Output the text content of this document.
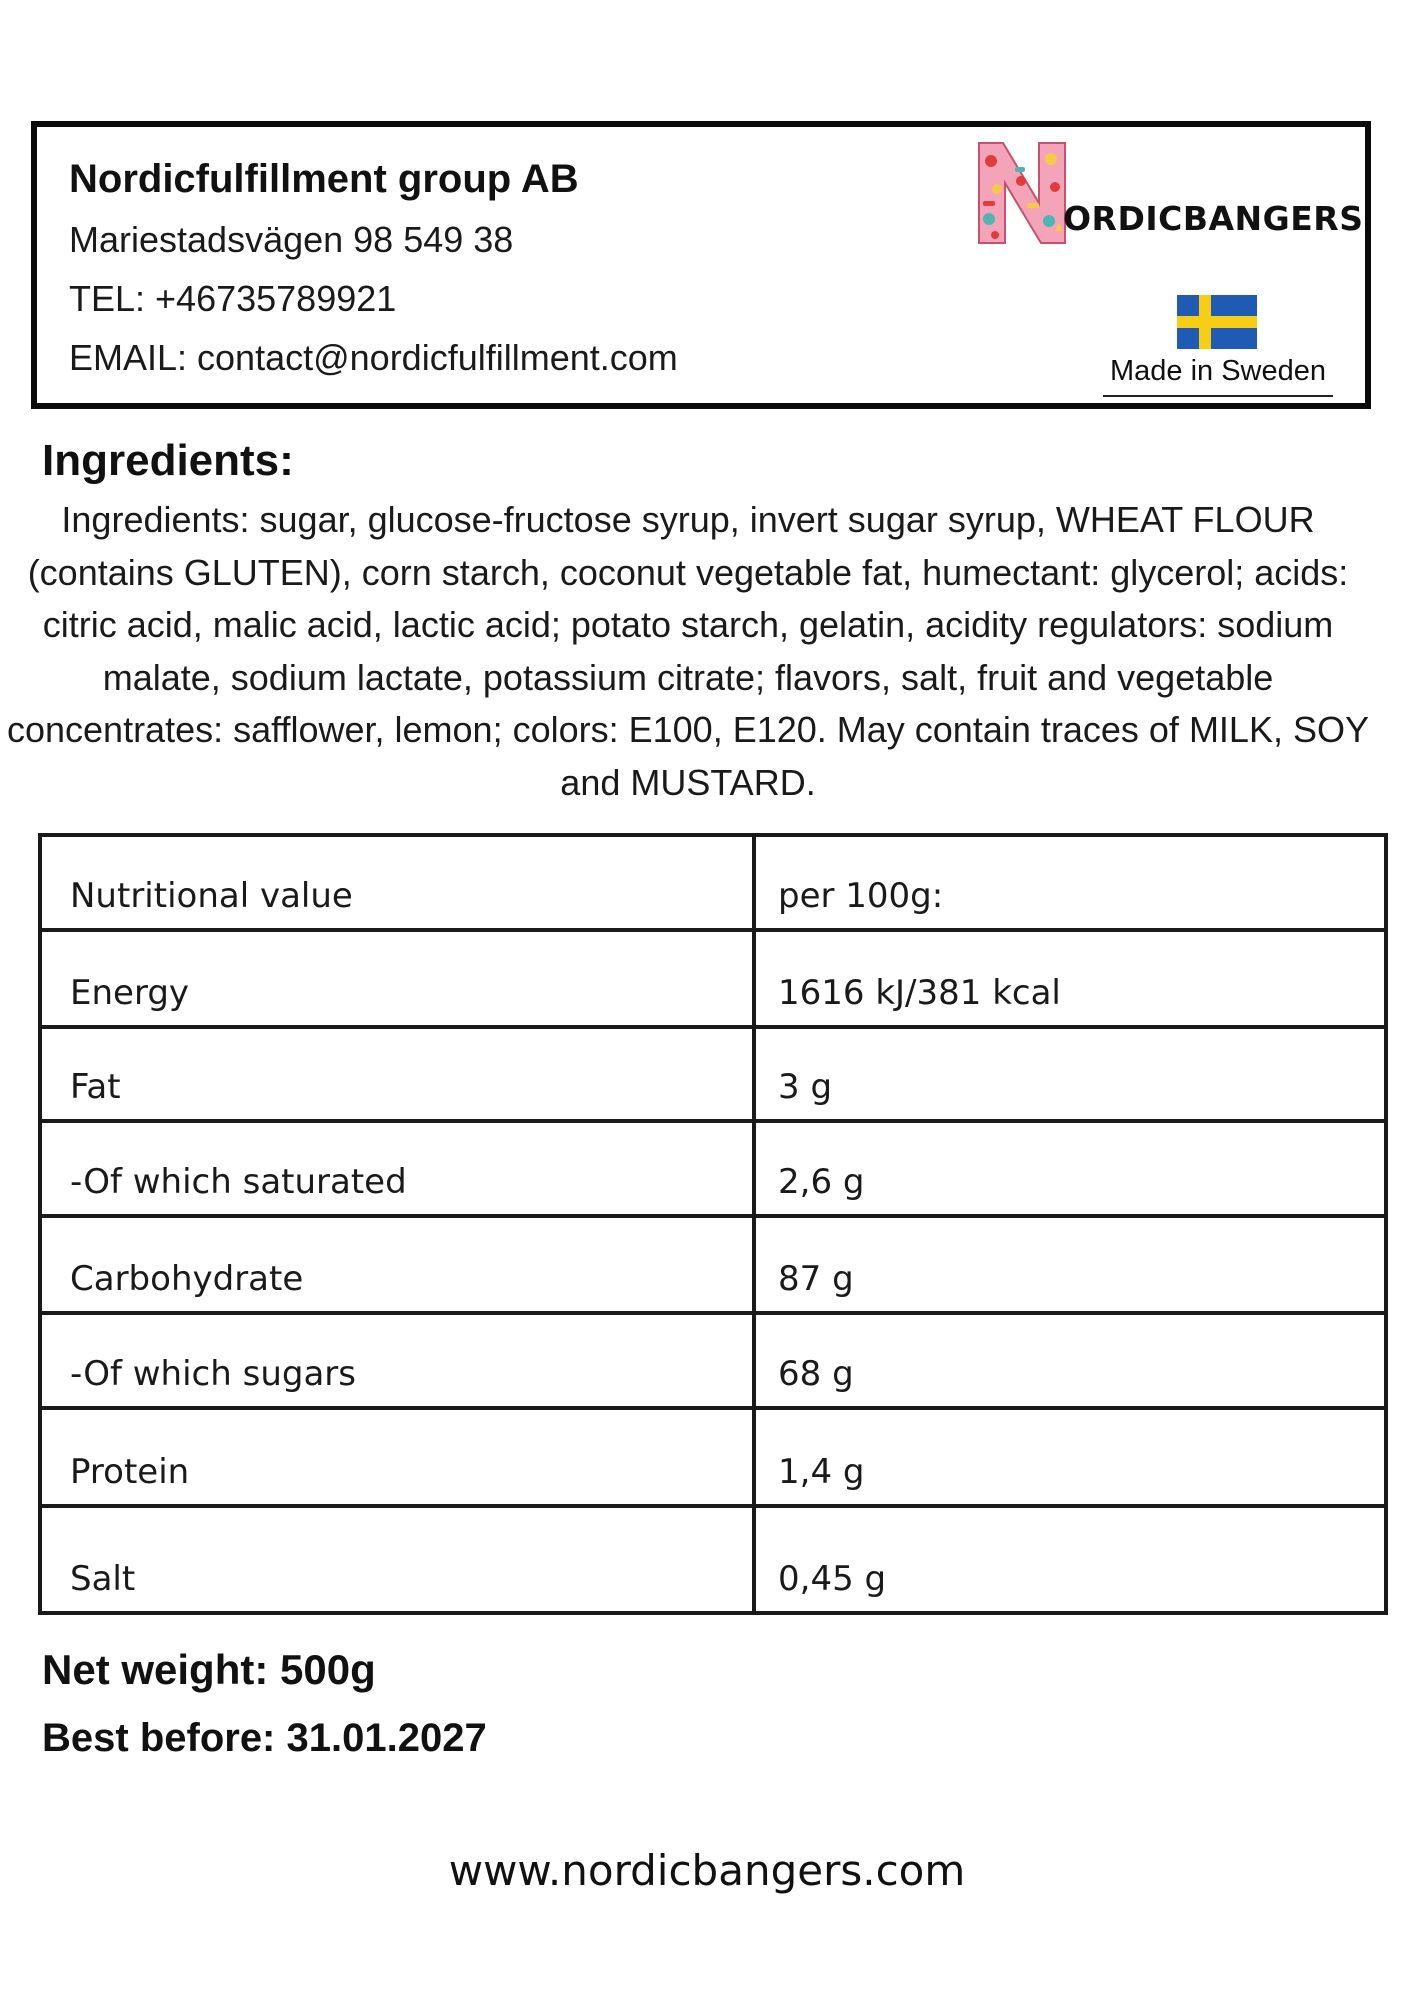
Nordicfulfillment group AB
Mariestadsvägen 98 549 38
TEL: +46735789921
EMAIL: contact@nordicfulfillment.com
ORDICBANGERS
Made in Sweden
Ingredients:

Ingredients: sugar, glucose-fructose syrup, invert sugar syrup, WHEAT FLOUR (contains GLUTEN), corn starch, coconut vegetable fat, humectant: glycerol; acids: citric acid, malic acid, lactic acid; potato starch, gelatin, acidity regulators: sodium malate, sodium lactate, potassium citrate; flavors, salt, fruit and vegetable concentrates: safflower, lemon; colors: E100, E120. May contain traces of MILK, SOY and MUSTARD.

Nutritional value	per 100g:
Energy	1616 kJ/381 kcal
Fat	3 g
-Of which saturated	2,6 g
Carbohydrate	87 g
-Of which sugars	68 g
Protein	1,4 g
Salt	0,45 g
Net weight: 500g
Best before: 31.01.2027
www.nordicbangers.com
